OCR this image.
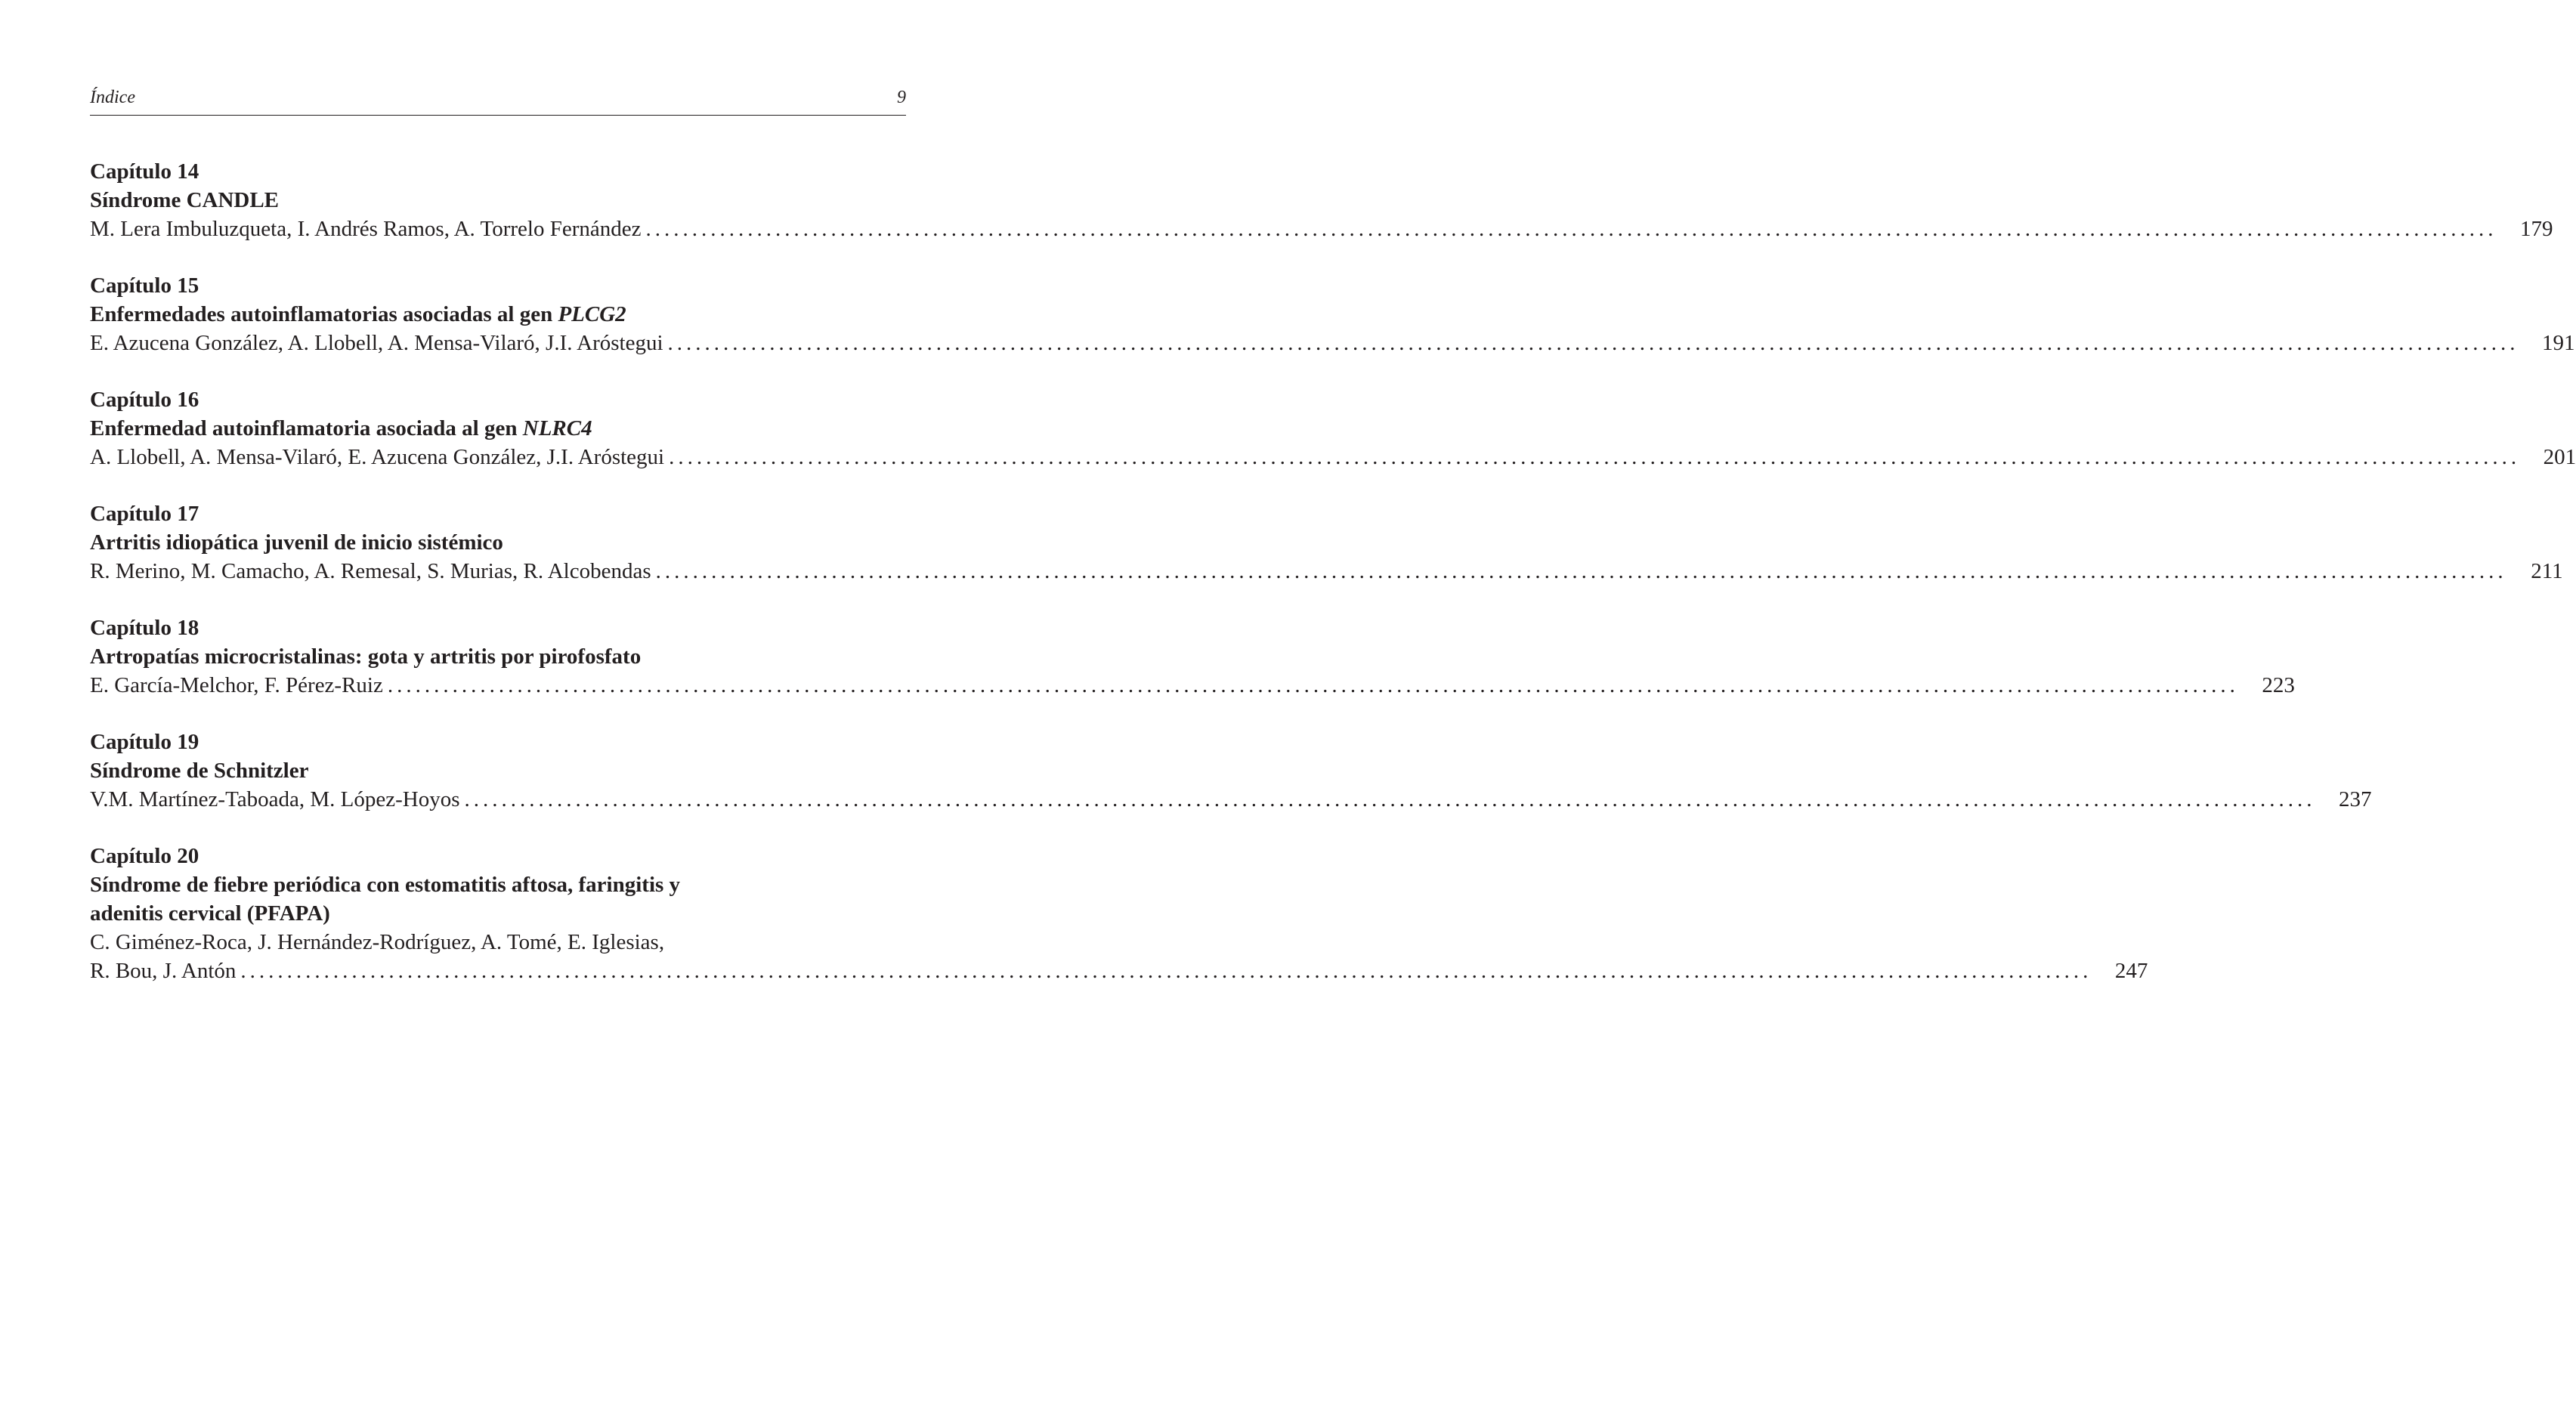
Índice	9
Capítulo 14
Síndrome CANDLE
M. Lera Imbuluzqueta, I. Andrés Ramos, A. Torrelo Fernández ........................................................................................................................................................................................................	179
Capítulo 15
Enfermedades autoinflamatorias asociadas al gen PLCG2
E. Azucena González, A. Llobell, A. Mensa-Vilaró, J.I. Aróstegui ........................................................................................................................................................................................................	191
Capítulo 16
Enfermedad autoinflamatoria asociada al gen NLRC4
A. Llobell, A. Mensa-Vilaró, E. Azucena González, J.I. Aróstegui ........................................................................................................................................................................................................	201
Capítulo 17
Artritis idiopática juvenil de inicio sistémico
R. Merino, M. Camacho, A. Remesal, S. Murias, R. Alcobendas ........................................................................................................................................................................................................	211
Capítulo 18
Artropatías microcristalinas: gota y artritis por pirofosfato
E. García-Melchor, F. Pérez-Ruiz ........................................................................................................................................................................................................	223
Capítulo 19
Síndrome de Schnitzler
V.M. Martínez-Taboada, M. López-Hoyos ........................................................................................................................................................................................................	237
Capítulo 20
Síndrome de fiebre periódica con estomatitis aftosa, faringitis y adenitis cervical (PFAPA)
C. Giménez-Roca, J. Hernández-Rodríguez, A. Tomé, E. Iglesias,
R. Bou, J. Antón ........................................................................................................................................................................................................	247
